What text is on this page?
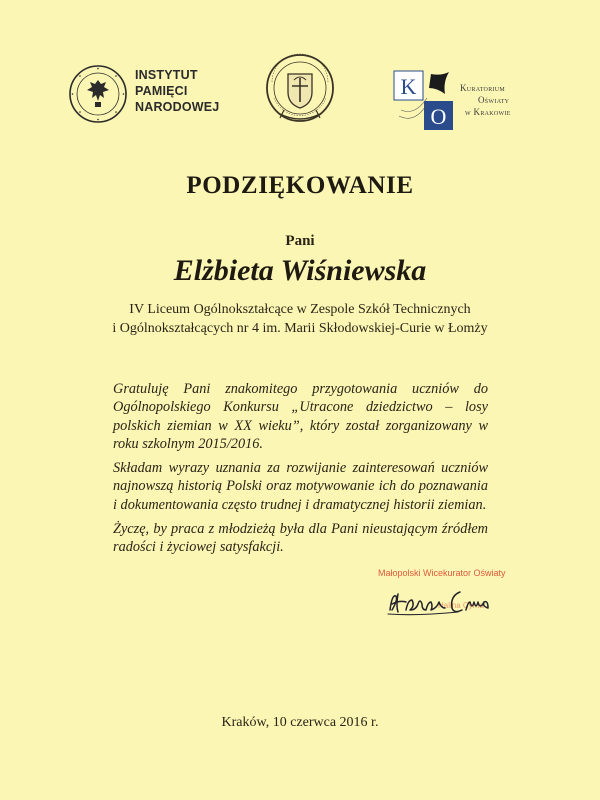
INSTYTUT
PAMIĘCI
NARODOWEJ
K
O
Kuratorium
Oświaty
w Krakowie
PODZIĘKOWANIE
Pani
Elżbieta Wiśniewska
IV Liceum Ogólnokształcące w Zespole Szkół Technicznych
i Ogólnokształcących nr 4 im. Marii Skłodowskiej-Curie w Łomży

Gratuluję Pani znakomitego przygotowania uczniów do Ogólnopolskiego Konkursu „Utracone dziedzictwo – losy polskich ziemian w XX wieku”, który został zorganizowany w roku szkolnym 2015/2016.

Składam wyrazy uznania za rozwijanie zainteresowań uczniów najnowszą historią Polski oraz motywowanie ich do poznawania i dokumentowania często trudnej i dramatycznej historii ziemian.

Życzę, by praca z młodzieżą była dla Pani nieustającym źródłem radości i życiowej satysfakcji.

Małopolski Wicekurator Oświaty
Halina Cyma
Kraków, 10 czerwca 2016 r.
